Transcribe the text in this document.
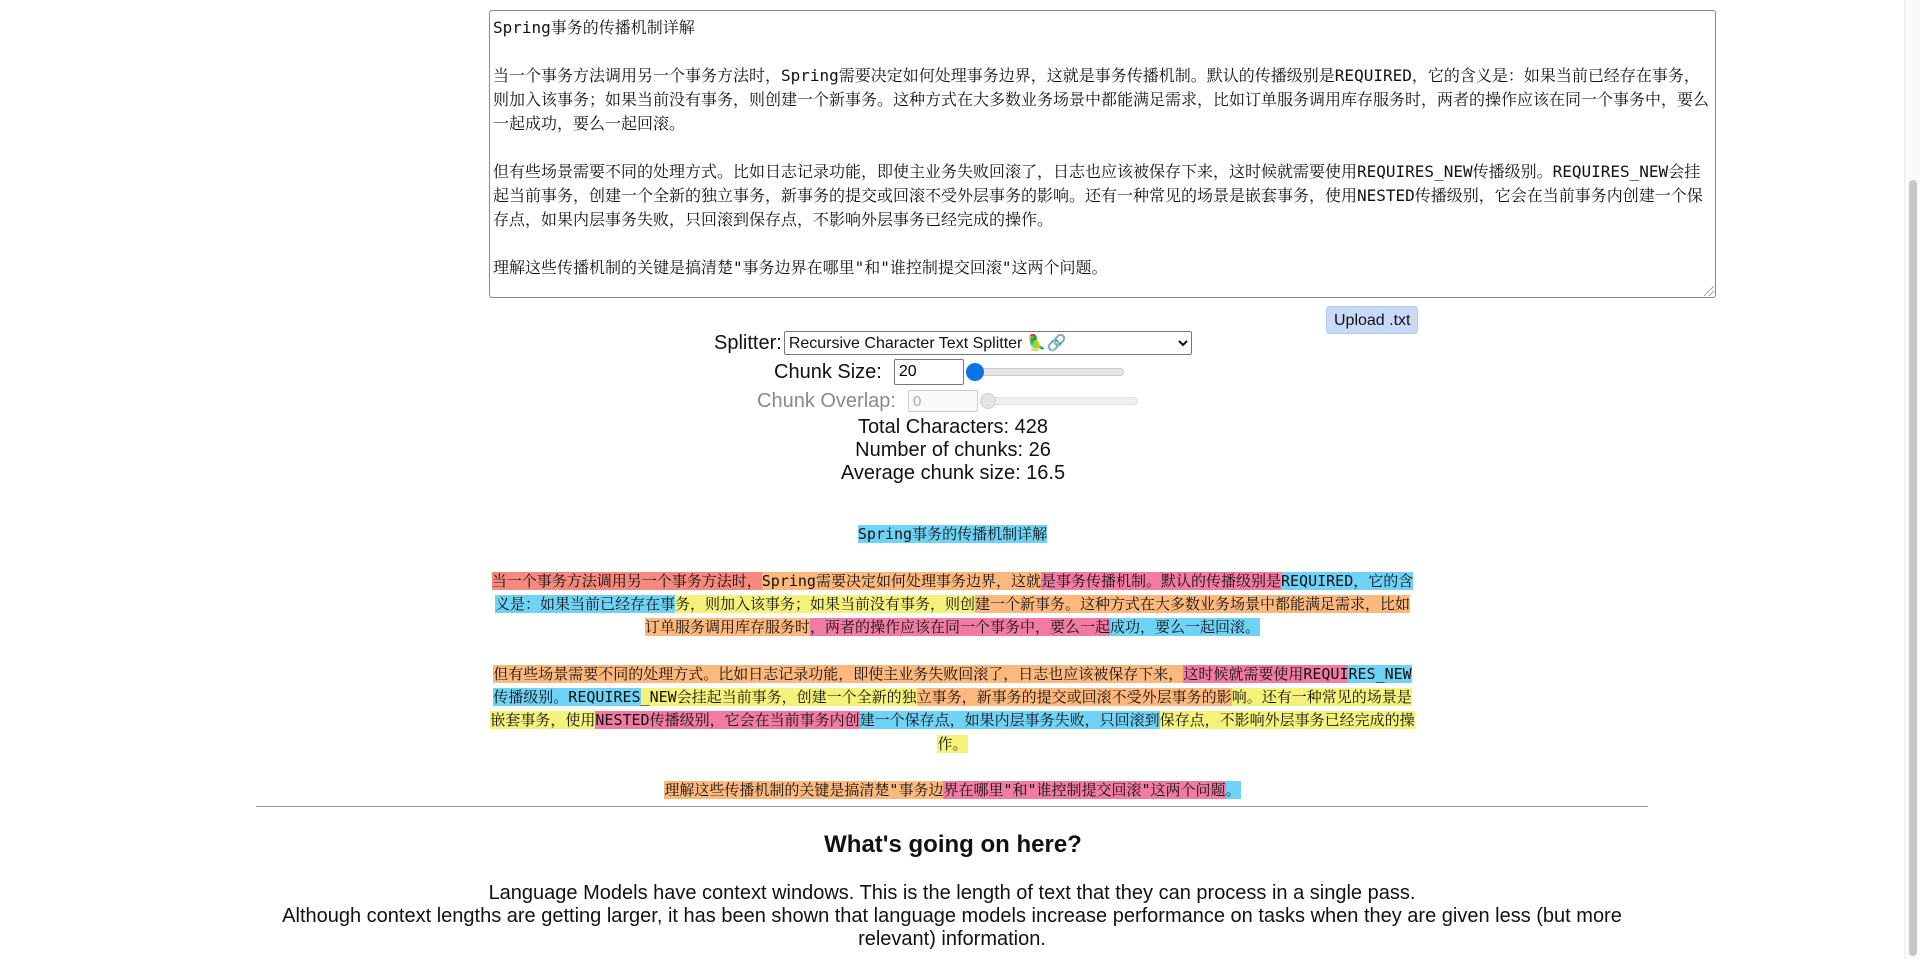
Spring事务的传播机制详解

当一个事务方法调用另一个事务方法时，Spring需要决定如何处理事务边界，这就是事务传播机制。默认的传播级别是REQUIRED，它的含义是：如果当前已经存在事务，则加入该事务；如果当前没有事务，则创建一个新事务。这种方式在大多数业务场景中都能满足需求，比如订单服务调用库存服务时，两者的操作应该在同一个事务中，要么一起成功，要么一起回滚。

但有些场景需要不同的处理方式。比如日志记录功能，即使主业务失败回滚了，日志也应该被保存下来，这时候就需要使用REQUIRES_NEW传播级别。REQUIRES_NEW会挂起当前事务，创建一个全新的独立事务，新事务的提交或回滚不受外层事务的影响。还有一种常见的场景是嵌套事务，使用NESTED传播级别，它会在当前事务内创建一个保存点，如果内层事务失败，只回滚到保存点，不影响外层事务已经完成的操作。

理解这些传播机制的关键是搞清楚"事务边界在哪里"和"谁控制提交回滚"这两个问题。
Upload .txt
Splitter:
Recursive Character Text Splitter 🦜🔗
Chunk Size:
20
Chunk Overlap:
0
Total Characters: 428
Number of chunks: 26
Average chunk size: 16.5
Spring事务的传播机制详解

当一个事务方法调用另一个事务方法时，Spring需要决定如何处理事务边界，这就是事务传播机制。默认的传播级别是REQUIRED，它的含义是：如果当前已经存在事务，则加入该事务；如果当前没有事务，则创建一个新事务。这种方式在大多数业务场景中都能满足需求，比如订单服务调用库存服务时，两者的操作应该在同一个事务中，要么一起成功，要么一起回滚。

但有些场景需要不同的处理方式。比如日志记录功能，即使主业务失败回滚了，日志也应该被保存下来，这时候就需要使用REQUIRES_NEW传播级别。REQUIRES_NEW会挂起当前事务，创建一个全新的独立事务，新事务的提交或回滚不受外层事务的影响。还有一种常见的场景是嵌套事务，使用NESTED传播级别，它会在当前事务内创建一个保存点，如果内层事务失败，只回滚到保存点，不影响外层事务已经完成的操作。

理解这些传播机制的关键是搞清楚"事务边界在哪里"和"谁控制提交回滚"这两个问题。
What's going on here?
Language Models have context windows. This is the length of text that they can process in a single pass.
Although context lengths are getting larger, it has been shown that language models increase performance on tasks when they are given less (but more relevant) information.
